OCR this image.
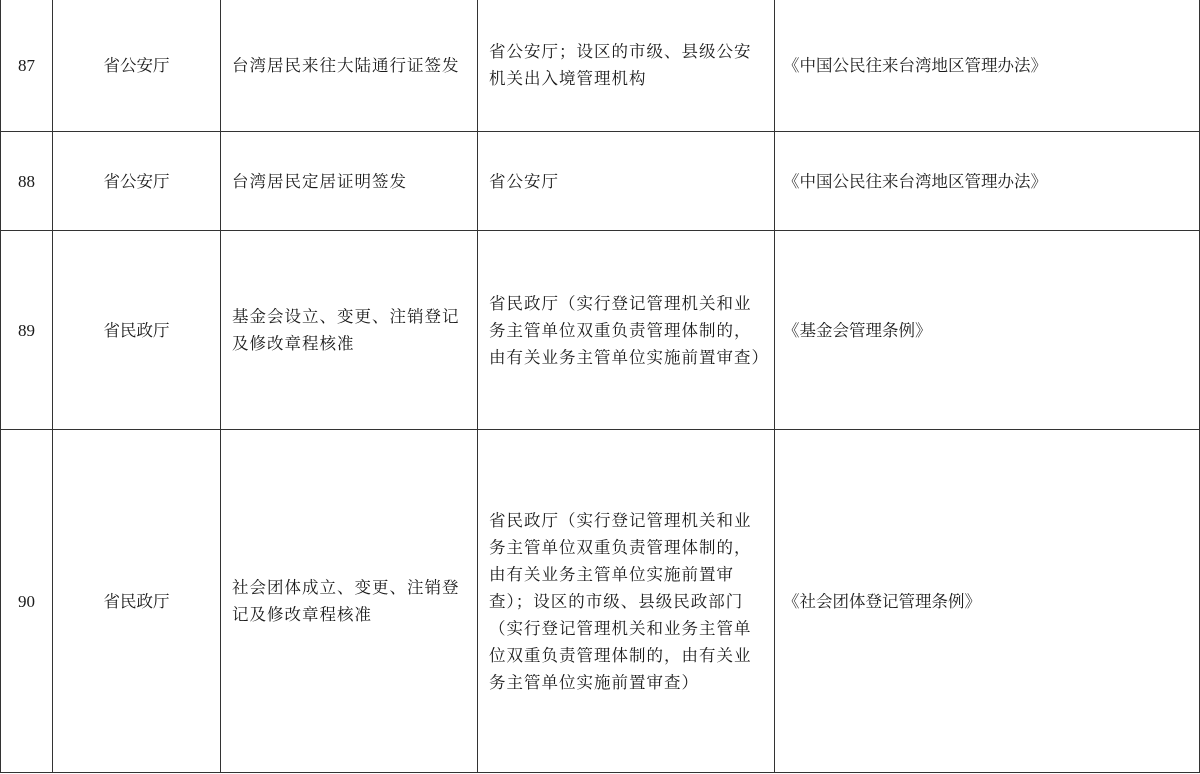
87	省公安厅	台湾居民来往大陆通行证签发	省公安厅；设区的市级、县级公安机关出入境管理机构	《中国公民往来台湾地区管理办法》
88	省公安厅	台湾居民定居证明签发	省公安厅	《中国公民往来台湾地区管理办法》
89	省民政厅	基金会设立、变更、注销登记及修改章程核准	省民政厅（实行登记管理机关和业务主管单位双重负责管理体制的，由有关业务主管单位实施前置审查）	《基金会管理条例》
90	省民政厅	社会团体成立、变更、注销登记及修改章程核准	省民政厅（实行登记管理机关和业务主管单位双重负责管理体制的，由有关业务主管单位实施前置审查）；设区的市级、县级民政部门（实行登记管理机关和业务主管单位双重负责管理体制的，由有关业务主管单位实施前置审查）	《社会团体登记管理条例》
